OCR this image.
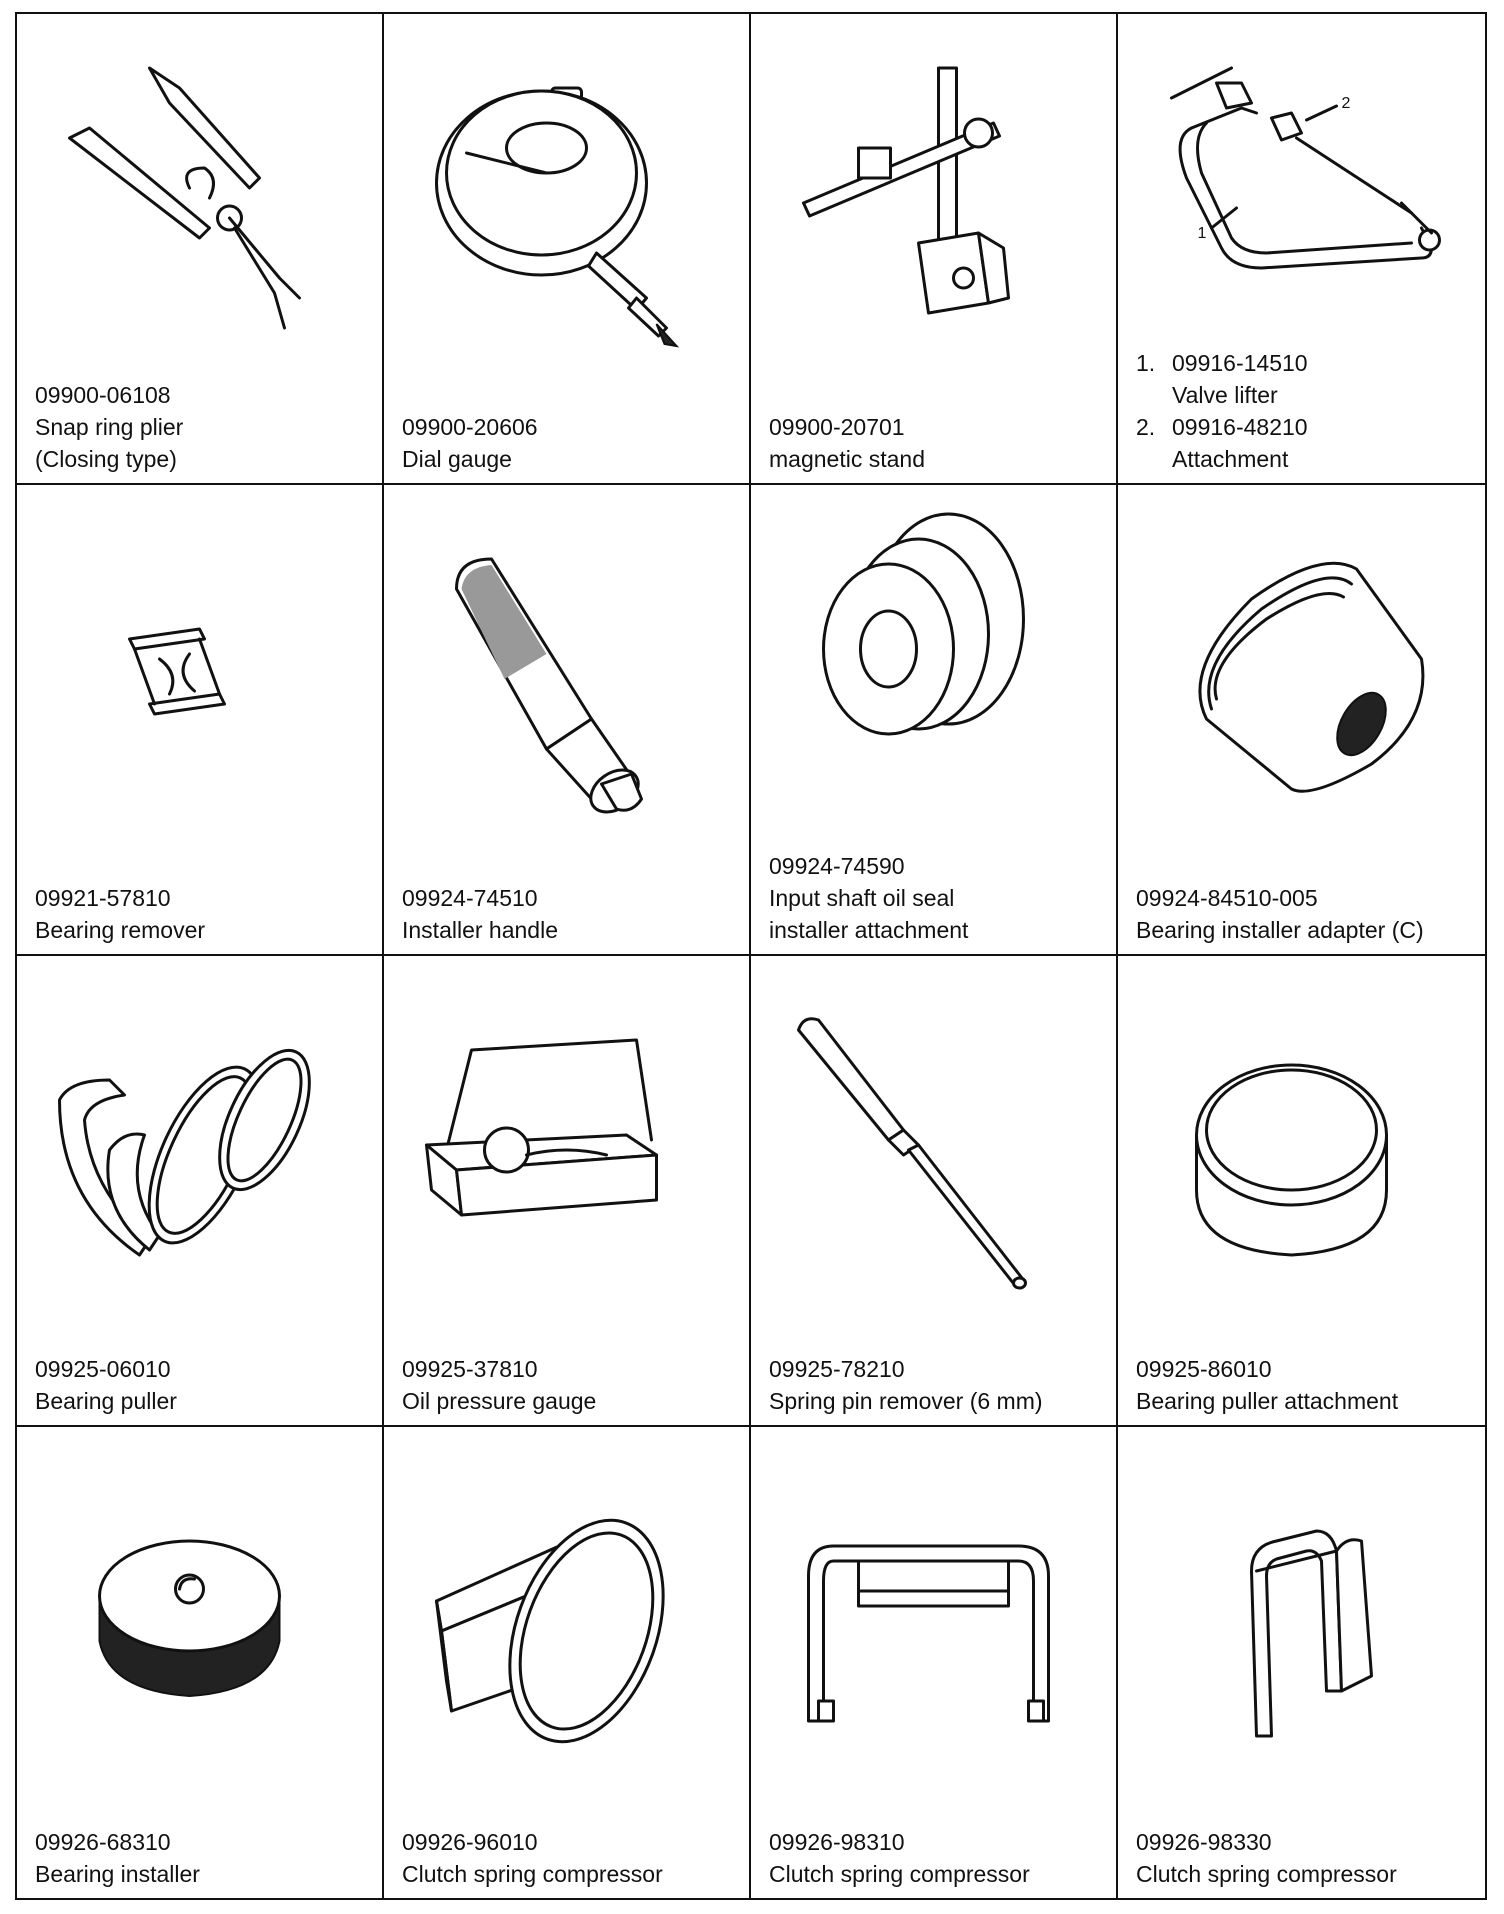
09900-06108
Snap ring plier
(Closing type)
09900-20606
Dial gauge
09900-20701
magnetic stand
2
1
1. 09916-14510
Valve lifter
2. 09916-48210
Attachment
09921-57810
Bearing remover
09924-74510
Installer handle
09924-74590
Input shaft oil seal
installer attachment
09924-84510-005
Bearing installer adapter (C)
09925-06010
Bearing puller
09925-37810
Oil pressure gauge
09925-78210
Spring pin remover (6 mm)
09925-86010
Bearing puller attachment
09926-68310
Bearing installer
09926-96010
Clutch spring compressor
09926-98310
Clutch spring compressor
09926-98330
Clutch spring compressor
